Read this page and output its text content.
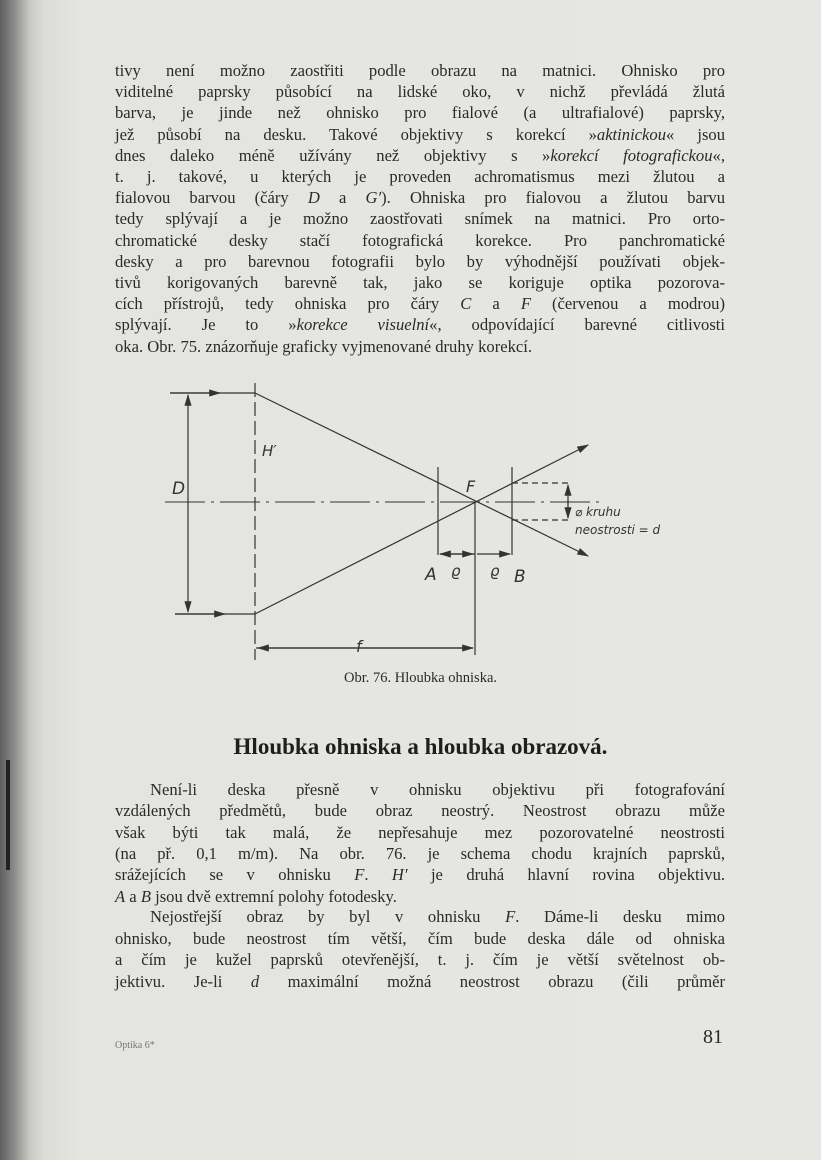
tivy není možno zaostřiti podle obrazu na matnici. Ohnisko pro
viditelné paprsky působící na lidské oko, v nichž převládá žlutá
barva, je jinde než ohnisko pro fialové (a ultrafialové) paprsky,
jež působí na desku. Takové objektivy s korekcí »aktinickou« jsou
dnes daleko méně užívány než objektivy s »korekcí fotografickou«,
t. j. takové, u kterých je proveden achromatismus mezi žlutou a
fialovou barvou (čáry D a G′). Ohniska pro fialovou a žlutou barvu
tedy splývají a je možno zaostřovati snímek na matnici. Pro orto-
chromatické desky stačí fotografická korekce. Pro panchromatické
desky a pro barevnou fotografii bylo by výhodnější používati objek-
tivů korigovaných barevně tak, jako se koriguje optika pozorova-
cích přístrojů, tedy ohniska pro čáry C a F (červenou a modrou)
splývají. Je to »korekce visuelní«, odpovídající barevné citlivosti
oka. Obr. 75. znázorňuje graficky vyjmenované druhy korekcí.
Není-li deska přesně v ohnisku objektivu při fotografování
vzdálených předmětů, bude obraz neostrý. Neostrost obrazu může
však býti tak malá, že nepřesahuje mez pozorovatelné neostrosti
(na př. 0,1 m/m). Na obr. 76. je schema chodu krajních paprsků,
srážejících se v ohnisku F. H′ je druhá hlavní rovina objektivu.
A a B jsou dvě extremní polohy fotodesky.
Nejostřejší obraz by byl v ohnisku F. Dáme-li desku mimo
ohnisko, bude neostrost tím větší, čím bude deska dále od ohniska
a čím je kužel paprsků otevřenější, t. j. čím je větší světelnost ob-
jektivu. Je-li d maximální možná neostrost obrazu (čili průměr
H′
D	F
A ϱ ϱ B
f
⌀ kruhu
neostrosti = d
Obr. 76. Hloubka ohniska.
Hloubka ohniska a hloubka obrazová.
Optika 6*	81
